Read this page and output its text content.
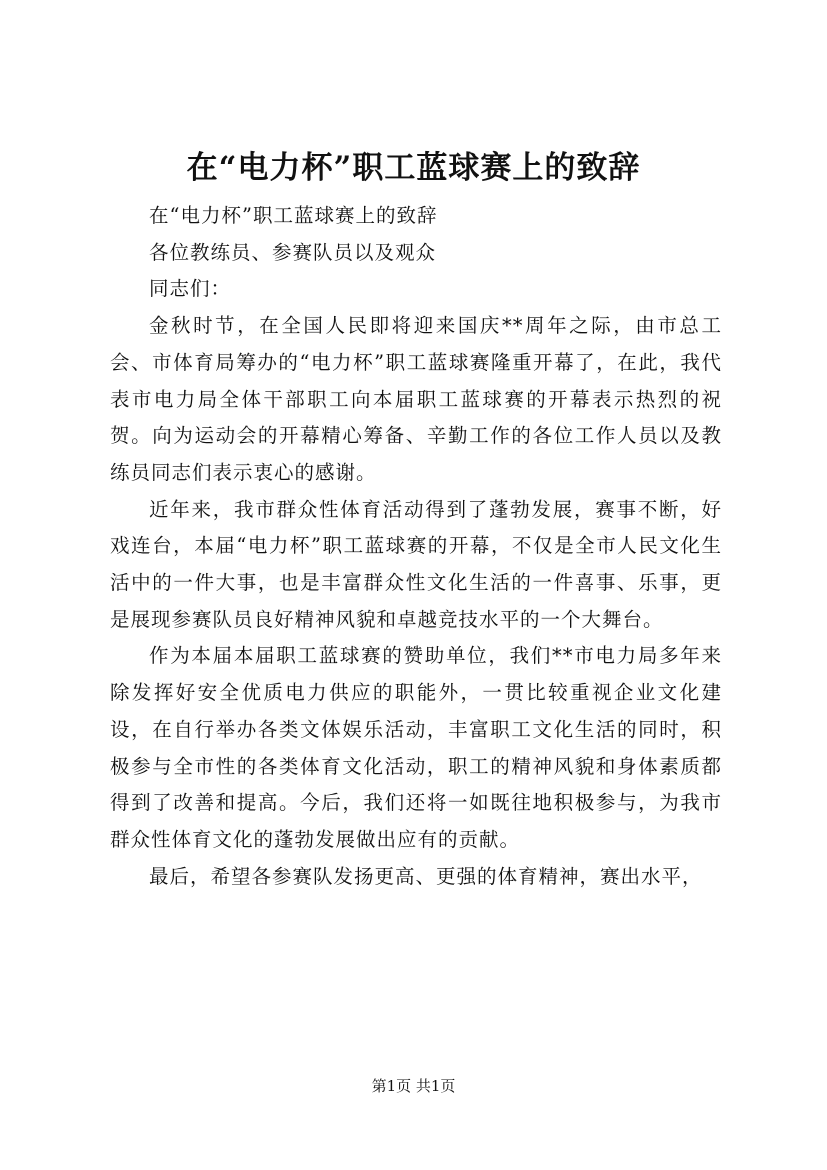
在“电力杯”职工蓝球赛上的致辞

在“电力杯”职工蓝球赛上的致辞

各位教练员、参赛队员以及观众

同志们：

金秋时节，在全国人民即将迎来国庆**周年之际，由市总工会、市体育局筹办的“电力杯”职工蓝球赛隆重开幕了，在此，我代表市电力局全体干部职工向本届职工蓝球赛的开幕表示热烈的祝贺。向为运动会的开幕精心筹备、辛勤工作的各位工作人员以及教练员同志们表示衷心的感谢。

近年来，我市群众性体育活动得到了蓬勃发展，赛事不断，好戏连台，本届“电力杯”职工蓝球赛的开幕，不仅是全市人民文化生活中的一件大事，也是丰富群众性文化生活的一件喜事、乐事，更是展现参赛队员良好精神风貌和卓越竞技水平的一个大舞台。

作为本届本届职工蓝球赛的赞助单位，我们**市电力局多年来除发挥好安全优质电力供应的职能外，一贯比较重视企业文化建设，在自行举办各类文体娱乐活动，丰富职工文化生活的同时，积极参与全市性的各类体育文化活动，职工的精神风貌和身体素质都得到了改善和提高。今后，我们还将一如既往地积极参与，为我市群众性体育文化的蓬勃发展做出应有的贡献。

最后，希望各参赛队发扬更高、更强的体育精神，赛出水平，

第1页 共1页
